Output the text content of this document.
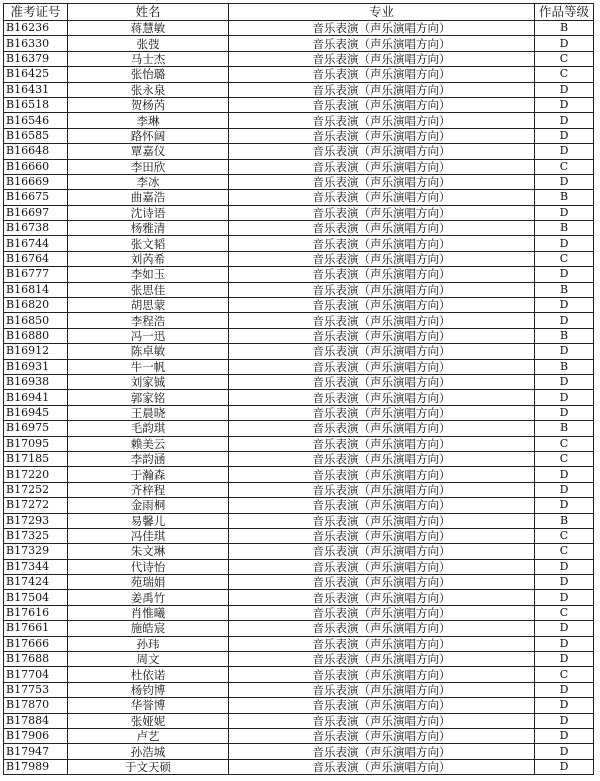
准考证号	姓名	专业	作品等级
B16236	蒋慧敏	音乐表演（声乐演唱方向）	B
B16330	张弢	音乐表演（声乐演唱方向）	D
B16379	马士杰	音乐表演（声乐演唱方向）	C
B16425	张怡璐	音乐表演（声乐演唱方向）	C
B16431	张永泉	音乐表演（声乐演唱方向）	D
B16518	贺杨芮	音乐表演（声乐演唱方向）	D
B16546	李琳	音乐表演（声乐演唱方向）	D
B16585	路怀阔	音乐表演（声乐演唱方向）	D
B16648	覃嘉仪	音乐表演（声乐演唱方向）	D
B16660	李田欣	音乐表演（声乐演唱方向）	C
B16669	李冰	音乐表演（声乐演唱方向）	D
B16675	曲嘉浩	音乐表演（声乐演唱方向）	B
B16697	沈诗语	音乐表演（声乐演唱方向）	D
B16738	杨雅清	音乐表演（声乐演唱方向）	B
B16744	张文韬	音乐表演（声乐演唱方向）	D
B16764	刘芮希	音乐表演（声乐演唱方向）	C
B16777	李如玉	音乐表演（声乐演唱方向）	D
B16814	张思佳	音乐表演（声乐演唱方向）	B
B16820	胡思蒙	音乐表演（声乐演唱方向）	D
B16850	李程浩	音乐表演（声乐演唱方向）	D
B16880	冯一迅	音乐表演（声乐演唱方向）	B
B16912	陈卓敏	音乐表演（声乐演唱方向）	D
B16931	牛一帆	音乐表演（声乐演唱方向）	B
B16938	刘家铖	音乐表演（声乐演唱方向）	D
B16941	郭家铭	音乐表演（声乐演唱方向）	D
B16945	王晨晓	音乐表演（声乐演唱方向）	D
B16975	毛韵琪	音乐表演（声乐演唱方向）	B
B17095	赖美云	音乐表演（声乐演唱方向）	C
B17185	李韵涵	音乐表演（声乐演唱方向）	C
B17220	于瀚森	音乐表演（声乐演唱方向）	D
B17252	齐梓程	音乐表演（声乐演唱方向）	D
B17272	金雨桐	音乐表演（声乐演唱方向）	D
B17293	易馨儿	音乐表演（声乐演唱方向）	B
B17325	冯佳琪	音乐表演（声乐演唱方向）	C
B17329	朱文琳	音乐表演（声乐演唱方向）	C
B17344	代诗怡	音乐表演（声乐演唱方向）	D
B17424	苑瑞娟	音乐表演（声乐演唱方向）	D
B17504	姜禹竹	音乐表演（声乐演唱方向）	D
B17616	肖惟曦	音乐表演（声乐演唱方向）	C
B17661	施皓宸	音乐表演（声乐演唱方向）	D
B17666	孙玮	音乐表演（声乐演唱方向）	D
B17688	周文	音乐表演（声乐演唱方向）	D
B17704	杜依诺	音乐表演（声乐演唱方向）	C
B17753	杨钧博	音乐表演（声乐演唱方向）	D
B17870	华誉博	音乐表演（声乐演唱方向）	D
B17884	张娅妮	音乐表演（声乐演唱方向）	D
B17906	卢艺	音乐表演（声乐演唱方向）	D
B17947	孙浩城	音乐表演（声乐演唱方向）	D
B17989	于文天硕	音乐表演（声乐演唱方向）	D
